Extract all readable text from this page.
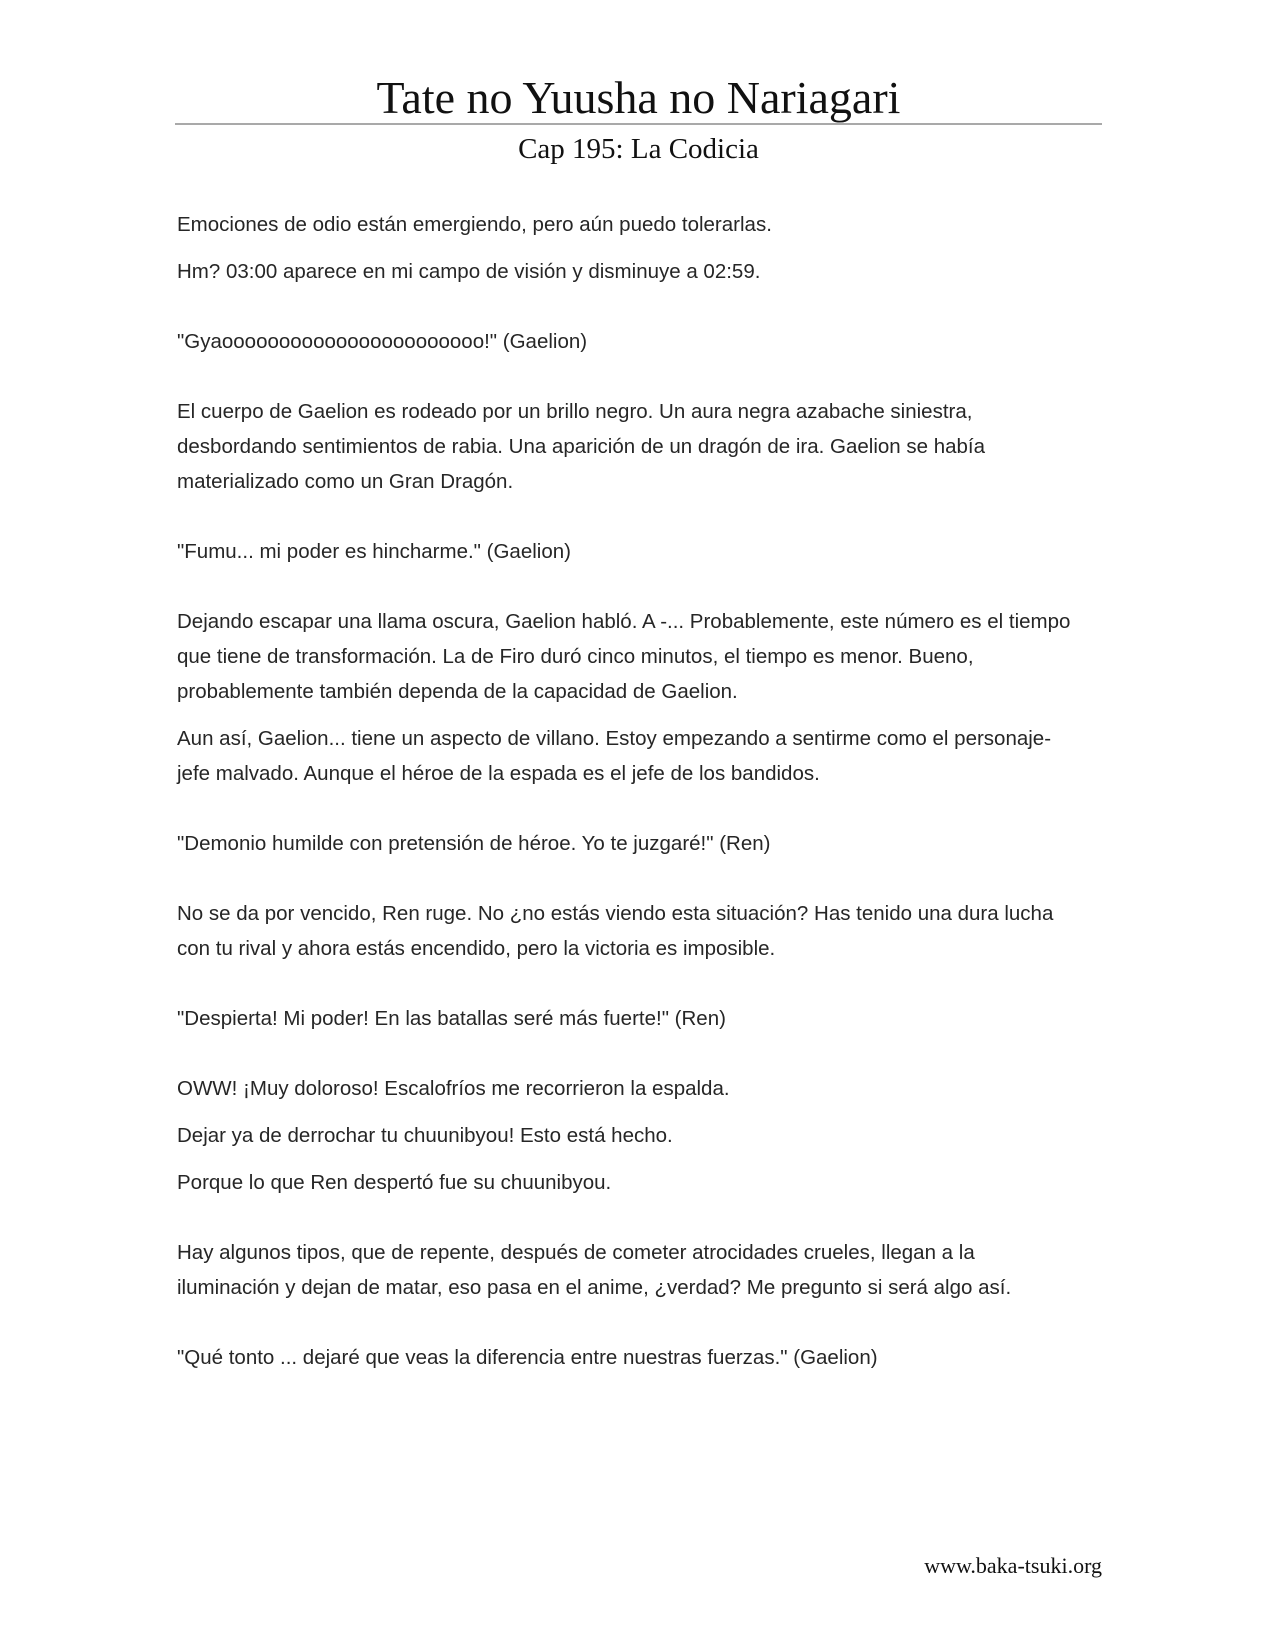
Tate no Yuusha no Nariagari
Cap 195: La Codicia

Emociones de odio están emergiendo, pero aún puedo tolerarlas.

Hm? 03:00 aparece en mi campo de visión y disminuye a 02:59.

"Gyaooooooooooooooooooooooo!" (Gaelion)

El cuerpo de Gaelion es rodeado por un brillo negro. Un aura negra azabache siniestra, desbordando sentimientos de rabia. Una aparición de un dragón de ira. Gaelion se había materializado como un Gran Dragón.

"Fumu... mi poder es hincharme." (Gaelion)

Dejando escapar una llama oscura, Gaelion habló. A -... Probablemente, este número es el tiempo que tiene de transformación. La de Firo duró cinco minutos, el tiempo es menor. Bueno, probablemente también dependa de la capacidad de Gaelion.

Aun así, Gaelion... tiene un aspecto de villano. Estoy empezando a sentirme como el personaje-jefe malvado. Aunque el héroe de la espada es el jefe de los bandidos.

"Demonio humilde con pretensión de héroe. Yo te juzgaré!" (Ren)

No se da por vencido, Ren ruge. No ¿no estás viendo esta situación? Has tenido una dura lucha con tu rival y ahora estás encendido, pero la victoria es imposible.

"Despierta! Mi poder! En las batallas seré más fuerte!" (Ren)

OWW! ¡Muy doloroso! Escalofríos me recorrieron la espalda.

Dejar ya de derrochar tu chuunibyou! Esto está hecho.

Porque lo que Ren despertó fue su chuunibyou.

Hay algunos tipos, que de repente, después de cometer atrocidades crueles, llegan a la iluminación y dejan de matar, eso pasa en el anime, ¿verdad? Me pregunto si será algo así.

"Qué tonto ... dejaré que veas la diferencia entre nuestras fuerzas." (Gaelion)

www.baka-tsuki.org
